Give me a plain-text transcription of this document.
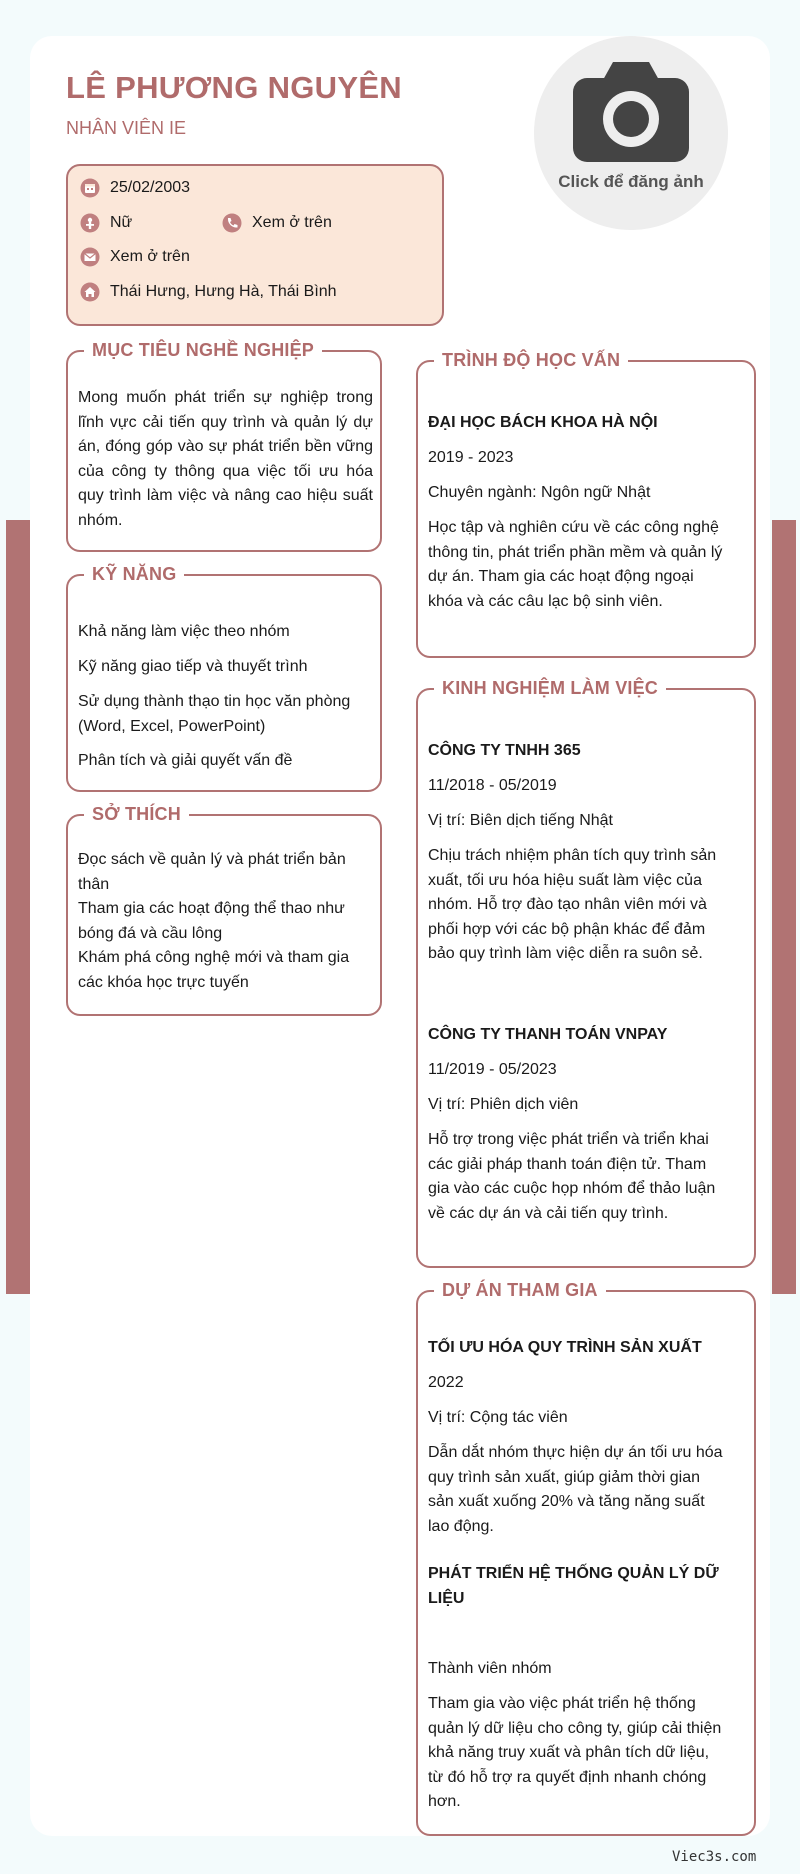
LÊ PHƯƠNG NGUYÊN
NHÂN VIÊN IE
Click để đăng ảnh
25/02/2003
Nữ	Xem ở trên
Xem ở trên
Thái Hưng, Hưng Hà, Thái Bình
MỤC TIÊU NGHỀ NGHIỆP
Mong muốn phát triển sự nghiệp trong lĩnh vực cải tiến quy trình và quản lý dự án, đóng góp vào sự phát triển bền vững của công ty thông qua việc tối ưu hóa quy trình làm việc và nâng cao hiệu suất nhóm.
KỸ NĂNG
Khả năng làm việc theo nhóm
Kỹ năng giao tiếp và thuyết trình
Sử dụng thành thạo tin học văn phòng (Word, Excel, PowerPoint)
Phân tích và giải quyết vấn đề
SỞ THÍCH
Đọc sách về quản lý và phát triển bản thân
Tham gia các hoạt động thể thao như bóng đá và cầu lông
Khám phá công nghệ mới và tham gia các khóa học trực tuyến
TRÌNH ĐỘ HỌC VẤN
ĐẠI HỌC BÁCH KHOA HÀ NỘI
2019 - 2023
Chuyên ngành: Ngôn ngữ Nhật
Học tập và nghiên cứu về các công nghệ thông tin, phát triển phần mềm và quản lý dự án. Tham gia các hoạt động ngoại khóa và các câu lạc bộ sinh viên.
KINH NGHIỆM LÀM VIỆC
CÔNG TY TNHH 365
11/2018 - 05/2019
Vị trí: Biên dịch tiếng Nhật
Chịu trách nhiệm phân tích quy trình sản xuất, tối ưu hóa hiệu suất làm việc của nhóm. Hỗ trợ đào tạo nhân viên mới và phối hợp với các bộ phận khác để đảm bảo quy trình làm việc diễn ra suôn sẻ.
CÔNG TY THANH TOÁN VNPAY
11/2019 - 05/2023
Vị trí: Phiên dịch viên
Hỗ trợ trong việc phát triển và triển khai các giải pháp thanh toán điện tử. Tham gia vào các cuộc họp nhóm để thảo luận về các dự án và cải tiến quy trình.
DỰ ÁN THAM GIA
TỐI ƯU HÓA QUY TRÌNH SẢN XUẤT
2022
Vị trí: Cộng tác viên
Dẫn dắt nhóm thực hiện dự án tối ưu hóa quy trình sản xuất, giúp giảm thời gian sản xuất xuống 20% và tăng năng suất lao động.
PHÁT TRIỂN HỆ THỐNG QUẢN LÝ DỮ LIỆU
Thành viên nhóm
Tham gia vào việc phát triển hệ thống quản lý dữ liệu cho công ty, giúp cải thiện khả năng truy xuất và phân tích dữ liệu, từ đó hỗ trợ ra quyết định nhanh chóng hơn.
Viec3s.com
